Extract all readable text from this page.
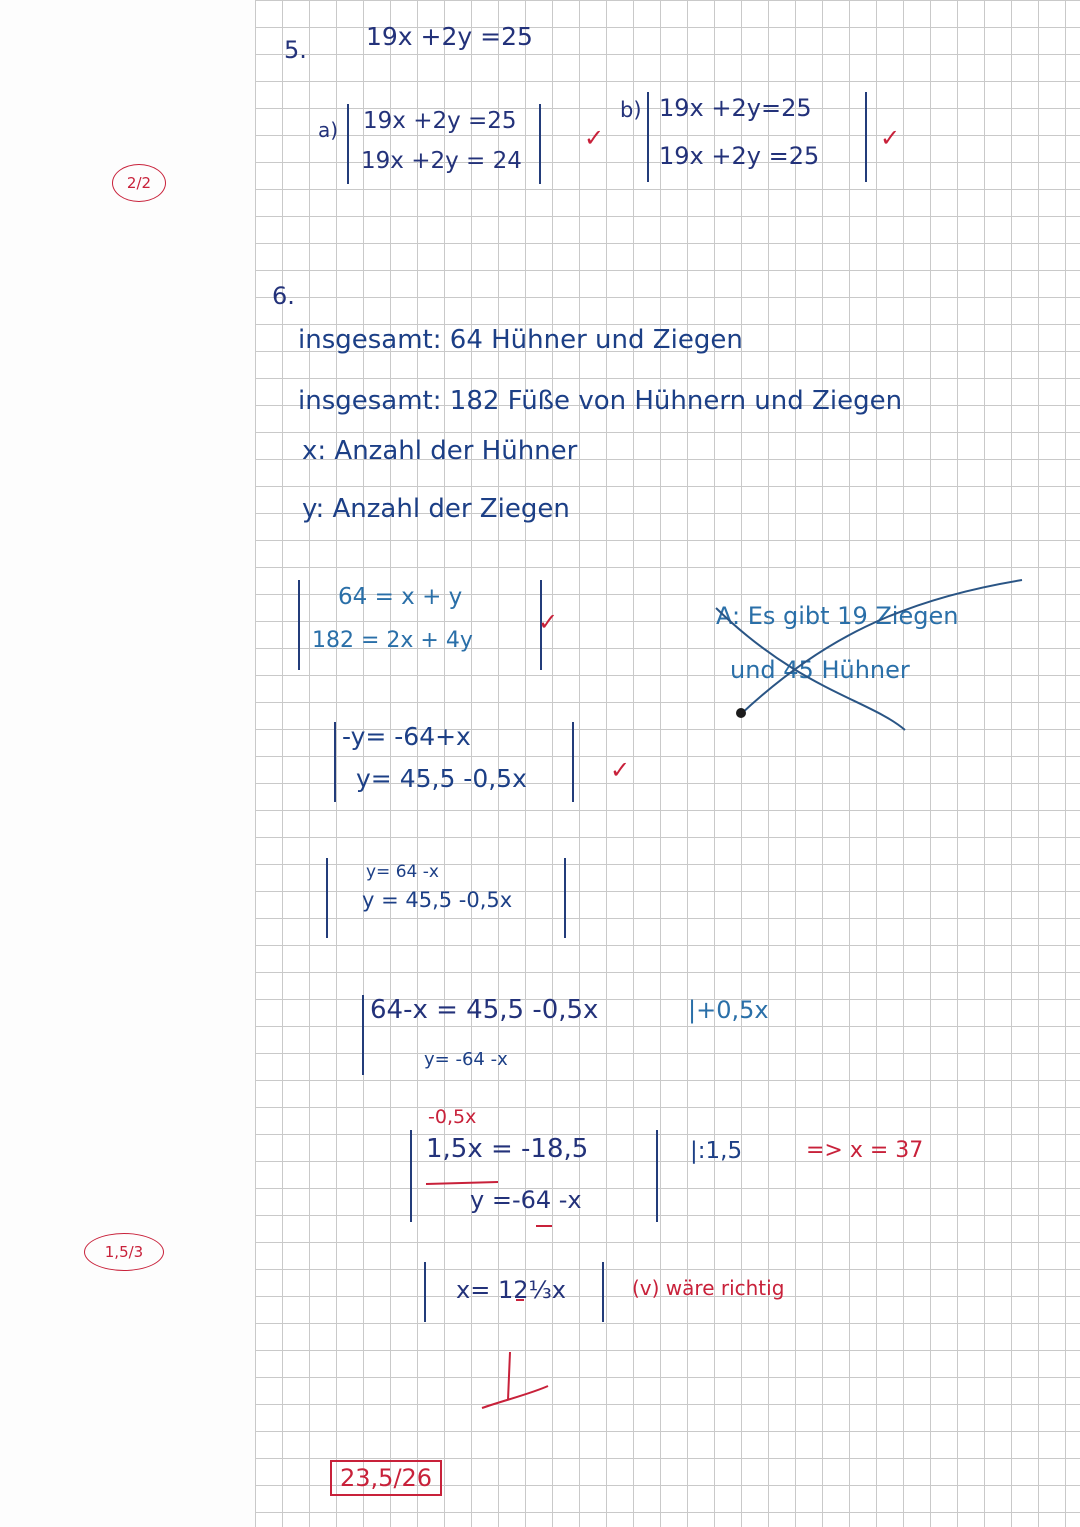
2/2
1,5/3
5. 19x +2y =25
a) 19x +2y =25
19x +2y = 24
✓
b) 19x +2y=25
19x +2y =25
✓
6.
insgesamt: 64 Hühner und Ziegen
insgesamt: 182 Füße von Hühnern und Ziegen
x: Anzahl der Hühner
y: Anzahl der Ziegen
64 = x + y
182 = 2x + 4y
✓	A: Es gibt 19 Ziegen
und 45 Hühner
-y= -64+x
y= 45,5 -0,5x	✓
y= 64 -x
y = 45,5 -0,5x
64-x = 45,5 -0,5x
y= -64 -x
|+0,5x
-0,5x
1,5x = -18,5
y =-64 -x
|:1,5	=> x = 37
x= 12⅓x	(v) wäre richtig
23,5/26
